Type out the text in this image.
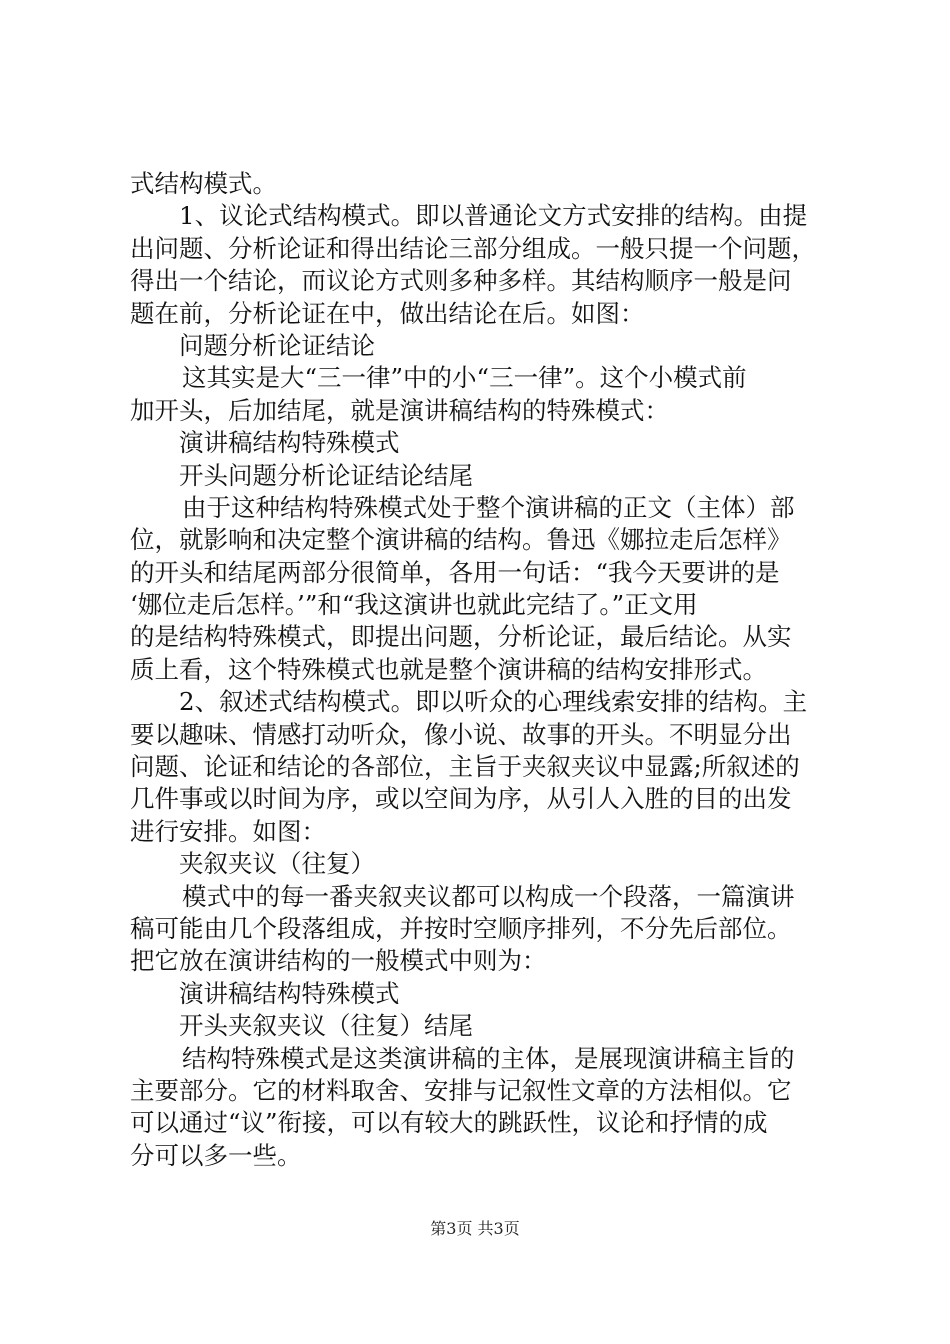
式结构模式。
1、议论式结构模式。即以普通论文方式安排的结构。由提
出问题、分析论证和得出结论三部分组成。一般只提一个问题，
得出一个结论，而议论方式则多种多样。其结构顺序一般是问
题在前，分析论证在中，做出结论在后。如图：
问题分析论证结论
这其实是大“三一律”中的小“三一律”。这个小模式前
加开头，后加结尾，就是演讲稿结构的特殊模式：
演讲稿结构特殊模式
开头问题分析论证结论结尾
由于这种结构特殊模式处于整个演讲稿的正文（主体）部
位，就影响和决定整个演讲稿的结构。鲁迅《娜拉走后怎样》
的开头和结尾两部分很简单，各用一句话：“我今天要讲的是
‘娜位走后怎样。’”和“我这演讲也就此完结了。”正文用
的是结构特殊模式，即提出问题，分析论证，最后结论。从实
质上看，这个特殊模式也就是整个演讲稿的结构安排形式。
2、叙述式结构模式。即以听众的心理线索安排的结构。主
要以趣味、情感打动听众，像小说、故事的开头。不明显分出
问题、论证和结论的各部位，主旨于夹叙夹议中显露;所叙述的
几件事或以时间为序，或以空间为序，从引人入胜的目的出发
进行安排。如图：
夹叙夹议（往复）
模式中的每一番夹叙夹议都可以构成一个段落，一篇演讲
稿可能由几个段落组成，并按时空顺序排列，不分先后部位。
把它放在演讲结构的一般模式中则为：
演讲稿结构特殊模式
开头夹叙夹议（往复）结尾
结构特殊模式是这类演讲稿的主体，是展现演讲稿主旨的
主要部分。它的材料取舍、安排与记叙性文章的方法相似。它
可以通过“议”衔接，可以有较大的跳跃性，议论和抒情的成
分可以多一些。
第3页 共3页
